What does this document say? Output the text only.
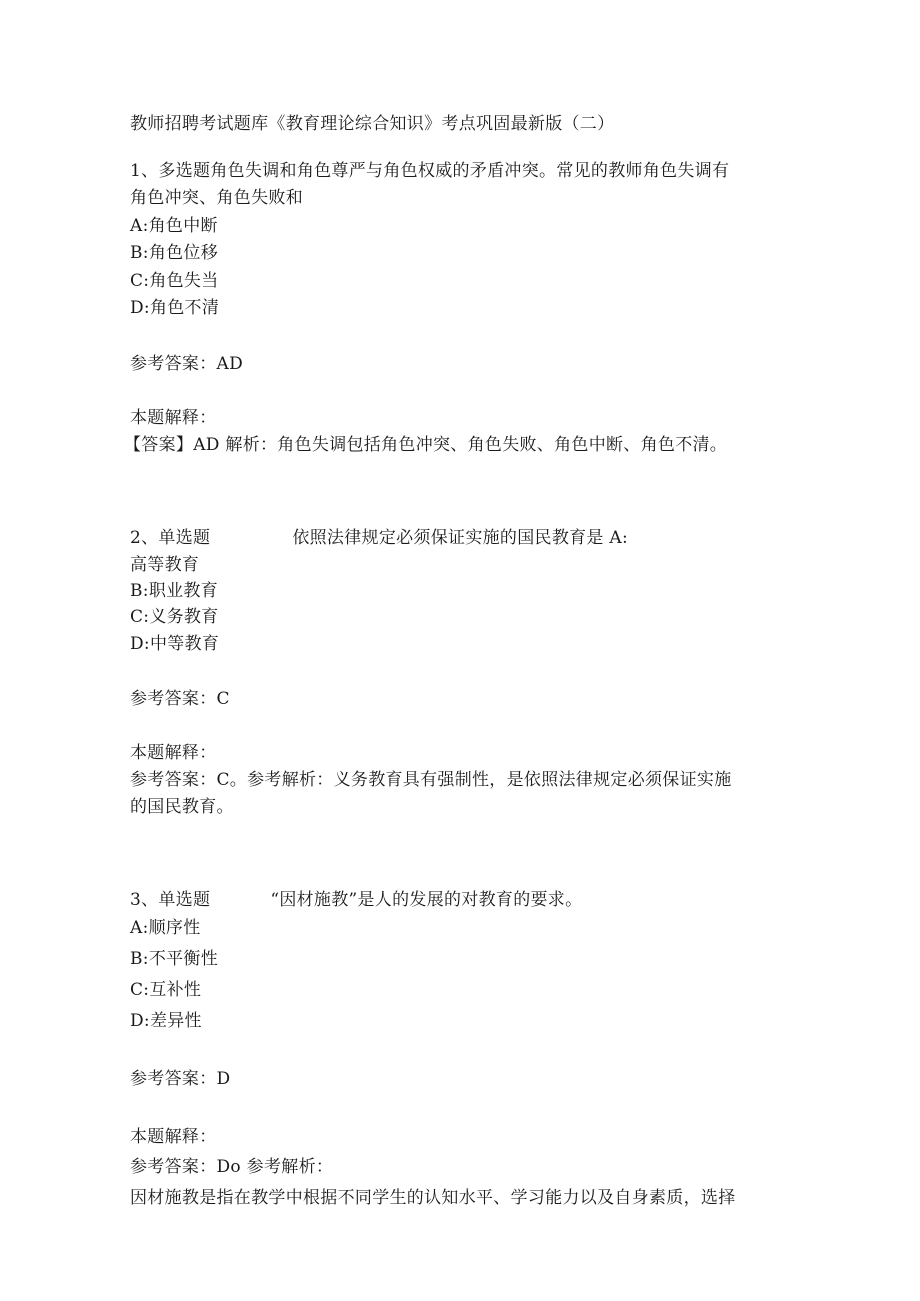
教师招聘考试题库《教育理论综合知识》考点巩固最新版（二）
1、多选题角色失调和角色尊严与角色权威的矛盾冲突。常见的教师角色失调有
角色冲突、角色失败和
A:角色中断
B:角色位移
C:角色失当
D:角色不清
参考答案：AD
本题解释：
【答案】AD 解析：角色失调包括角色冲突、角色失败、角色中断、角色不清。
2、单选题	依照法律规定必须保证实施的国民教育是 A:
高等教育
B:职业教育
C:义务教育
D:中等教育
参考答案：C
本题解释：
参考答案：C。参考解析：义务教育具有强制性，是依照法律规定必须保证实施
的国民教育。
3、单选题	“因材施教”是人的发展的对教育的要求。
A:顺序性
B:不平衡性
C:互补性
D:差异性
参考答案：D
本题解释：
参考答案：Do 参考解析：
因材施教是指在教学中根据不同学生的认知水平、学习能力以及自身素质，选择
